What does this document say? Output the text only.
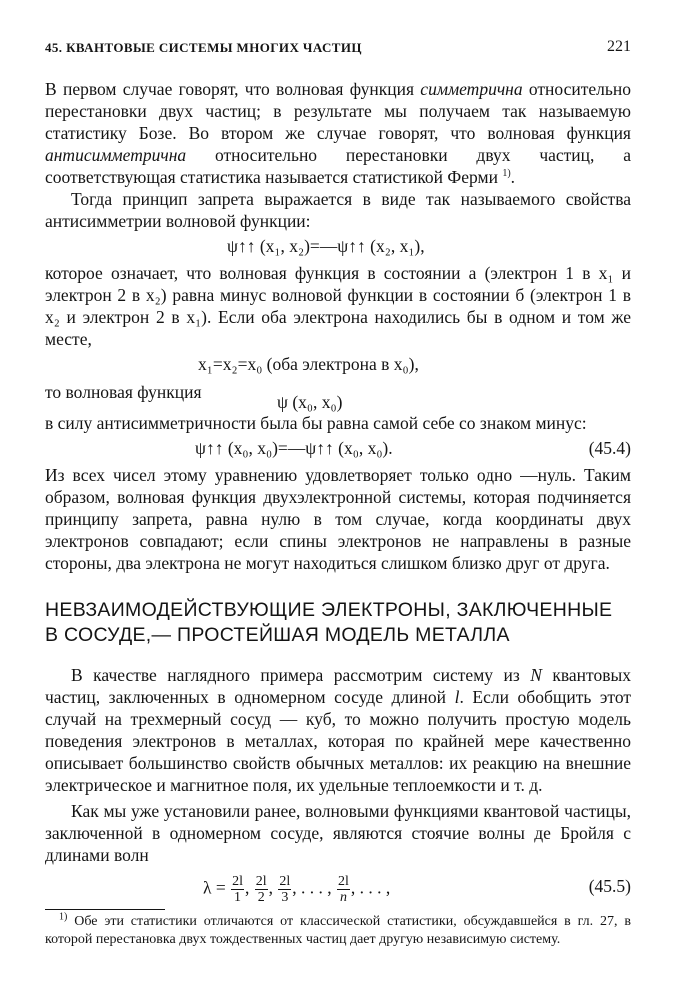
45. КВАНТОВЫЕ СИСТЕМЫ МНОГИХ ЧАСТИЦ	221

В первом случае говорят, что волновая функция симметрична относительно перестановки двух частиц; в результате мы получаем так называемую статистику Бозе. Во втором же случае говорят, что волновая функция антисимметрична относительно перестановки двух частиц, а соответствующая статистика называется статистикой Ферми $^{1)}$.

Тогда принцип запрета выражается в виде так называемого свойства антисимметрии волновой функции:

ψ↑↑ (x₁, x₂)=—ψ↑↑ (x₂, x₁),

которое означает, что волновая функция в состоянии a (электрон 1 в x₁ и электрон 2 в x₂) равна минус волновой функции в состоянии б (электрон 1 в x₂ и электрон 2 в x₁). Если оба электрона находились бы в одном и том же месте,

x₁=x₂=x₀ (оба электрона в x₀),
то волновая функция	ψ (x₀, x₀)

в силу антисимметричности была бы равна самой себе со знаком минус:

ψ↑↑ (x₀, x₀)=—ψ↑↑ (x₀, x₀).	(45.4)

Из всех чисел этому уравнению удовлетворяет только одно —нуль. Таким образом, волновая функция двухэлектронной системы, которая подчиняется принципу запрета, равна нулю в том случае, когда координаты двух электронов совпадают; если спины электронов не направлены в разные стороны, два электрона не могут находиться слишком близко друг от друга.

НЕВЗАИМОДЕЙСТВУЮЩИЕ ЭЛЕКТРОНЫ, ЗАКЛЮЧЕННЫЕ В СОСУДЕ,— ПРОСТЕЙШАЯ МОДЕЛЬ МЕТАЛЛА

В качестве наглядного примера рассмотрим систему из N квантовых частиц, заключенных в одномерном сосуде длиной l. Если обобщить этот случай на трехмерный сосуд — куб, то можно получить простую модель поведения электронов в металлах, которая по крайней мере качественно описывает большинство свойств обычных металлов: их реакцию на внешние электрическое и магнитное поля, их удельные теплоемкости и т. д.

Как мы уже установили ранее, волновыми функциями квантовой частицы, заключенной в одномерном сосуде, являются стоячие волны де Бройля с длинами волн

$\lambda = \frac{2l}{1}$ , $\frac{2l}{2}$ , $\frac{2l}{3}$ , . . . , $\frac{2l}{n}$ , . . . ,	(45.5)

$^{1)}$ Обе эти статистики отличаются от классической статистики, обсуждавшейся в гл. 27, в которой перестановка двух тождественных частиц дает другую независимую систему.
